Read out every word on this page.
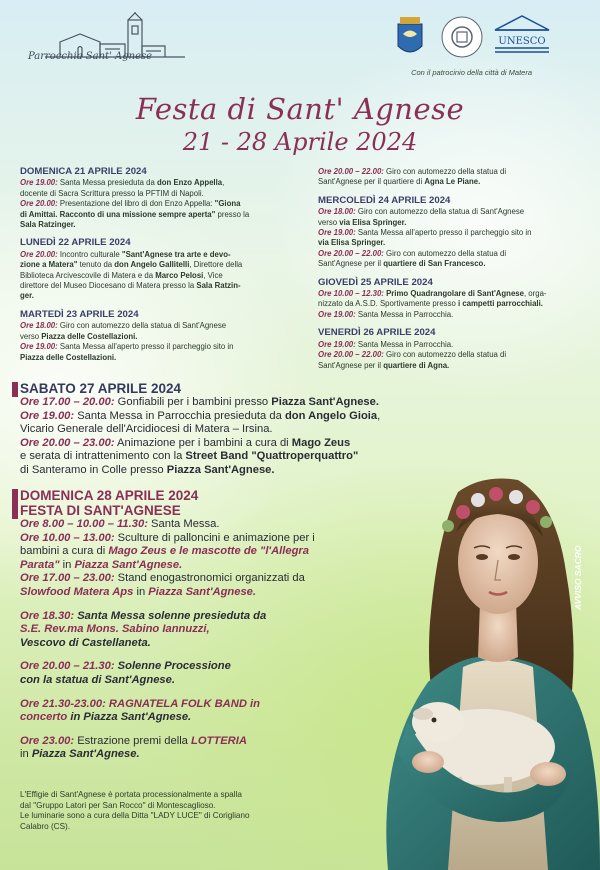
Parrocchia Sant' Agnese
UNESCO
Con il patrocinio della città di Matera
Festa di Sant' Agnese
21 - 28 Aprile 2024
DOMENICA 21 APRILE 2024
Ore 19.00: Santa Messa presieduta da don Enzo Appella,
docente di Sacra Scrittura presso la PFTIM di Napoli.
Ore 20.00: Presentazione del libro di don Enzo Appella: "Giona
di Amittai. Racconto di una missione sempre aperta" presso la
Sala Ratzinger.
LUNEDÌ 22 APRILE 2024
Ore 20.00: Incontro culturale "Sant'Agnese tra arte e devo-
zione a Matera" tenuto da don Angelo Gallitelli, Direttore della
Biblioteca Arcivescovile di Matera e da Marco Pelosi, Vice
direttore del Museo Diocesano di Matera presso la Sala Ratzin-
ger.
MARTEDÌ 23 APRILE 2024
Ore 18.00: Giro con automezzo della statua di Sant'Agnese
verso Piazza delle Costellazioni.
Ore 19.00: Santa Messa all'aperto presso il parcheggio sito in
Piazza delle Costellazioni.
Ore 20.00 – 22.00: Giro con automezzo della statua di
Sant'Agnese per il quartiere di Agna Le Piane.
MERCOLEDÌ 24 APRILE 2024
Ore 18.00: Giro con automezzo della statua di Sant'Agnese
verso via Elisa Springer.
Ore 19.00: Santa Messa all'aperto presso il parcheggio sito in
via Elisa Springer.
Ore 20.00 – 22.00: Giro con automezzo della statua di
Sant'Agnese per il quartiere di San Francesco.
GIOVEDÌ 25 APRILE 2024
Ore 10.00 – 12.30: Primo Quadrangolare di Sant'Agnese, orga-
nizzato da A.S.D. Sportivamente presso i campetti parrocchiali.
Ore 19.00: Santa Messa in Parrocchia.
VENERDÌ 26 APRILE 2024
Ore 19.00: Santa Messa in Parrocchia.
Ore 20.00 – 22.00: Giro con automezzo della statua di
Sant'Agnese per il quartiere di Agna.
AVVISO SACRO
SABATO 27 APRILE 2024
Ore 17.00 – 20.00: Gonfiabili per i bambini presso Piazza Sant'Agnese.
Ore 19.00: Santa Messa in Parrocchia presieduta da don Angelo Gioia,
Vicario Generale dell'Arcidiocesi di Matera – Irsina.
Ore 20.00 – 23.00: Animazione per i bambini a cura di Mago Zeus
e serata di intrattenimento con la Street Band "Quattroperquattro"
di Santeramo in Colle presso Piazza Sant'Agnese.
DOMENICA 28 APRILE 2024
FESTA DI SANT'AGNESE
Ore 8.00 – 10.00 – 11.30: Santa Messa.
Ore 10.00 – 13.00: Sculture di palloncini e animazione per i
bambini a cura di Mago Zeus e le mascotte de "l'Allegra
Parata" in Piazza Sant'Agnese.
Ore 17.00 – 23.00: Stand enogastronomici organizzati da
Slowfood Matera Aps in Piazza Sant'Agnese.
Ore 18.30: Santa Messa solenne presieduta da
S.E. Rev.ma Mons. Sabino Iannuzzi,
Vescovo di Castellaneta.
Ore 20.00 – 21.30: Solenne Processione
con la statua di Sant'Agnese.
Ore 21.30-23.00: RAGNATELA FOLK BAND in
concerto in Piazza Sant'Agnese.
Ore 23.00: Estrazione premi della LOTTERIA
in Piazza Sant'Agnese.
L'Effigie di Sant'Agnese è portata processionalmente a spalla
dal "Gruppo Latori per San Rocco" di Montescaglioso.
Le luminarie sono a cura della Ditta "LADY LUCE" di Corigliano
Calabro (CS).
